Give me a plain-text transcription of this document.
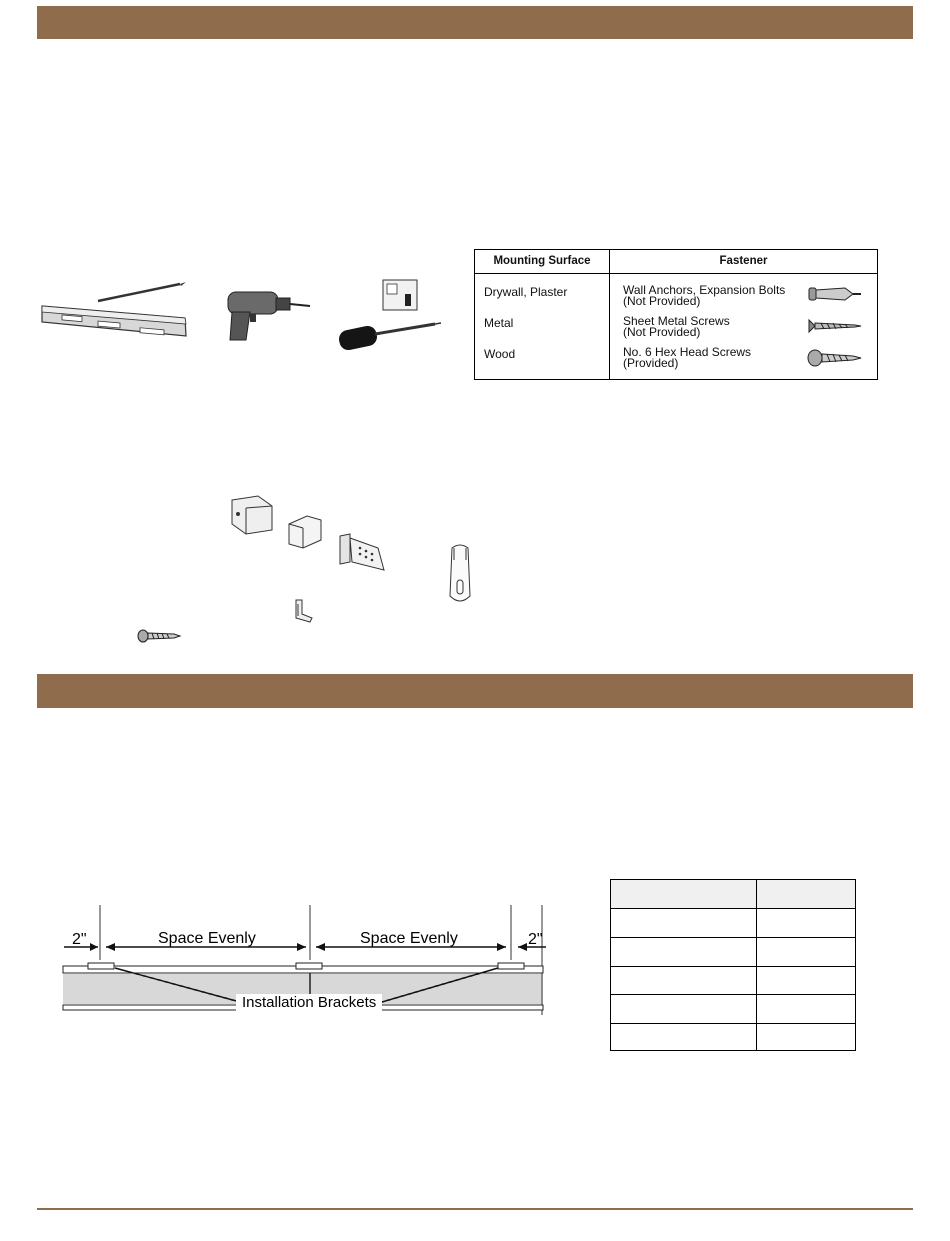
Mounting Surface	Fastener
Drywall, Plaster	Wall Anchors, Expansion Bolts
(Not Provided)
Metal	Sheet Metal Screws
(Not Provided)
Wood	No. 6 Hex Head Screws
(Provided)
2"	Space Evenly	Space Evenly	2"
Installation Brackets
